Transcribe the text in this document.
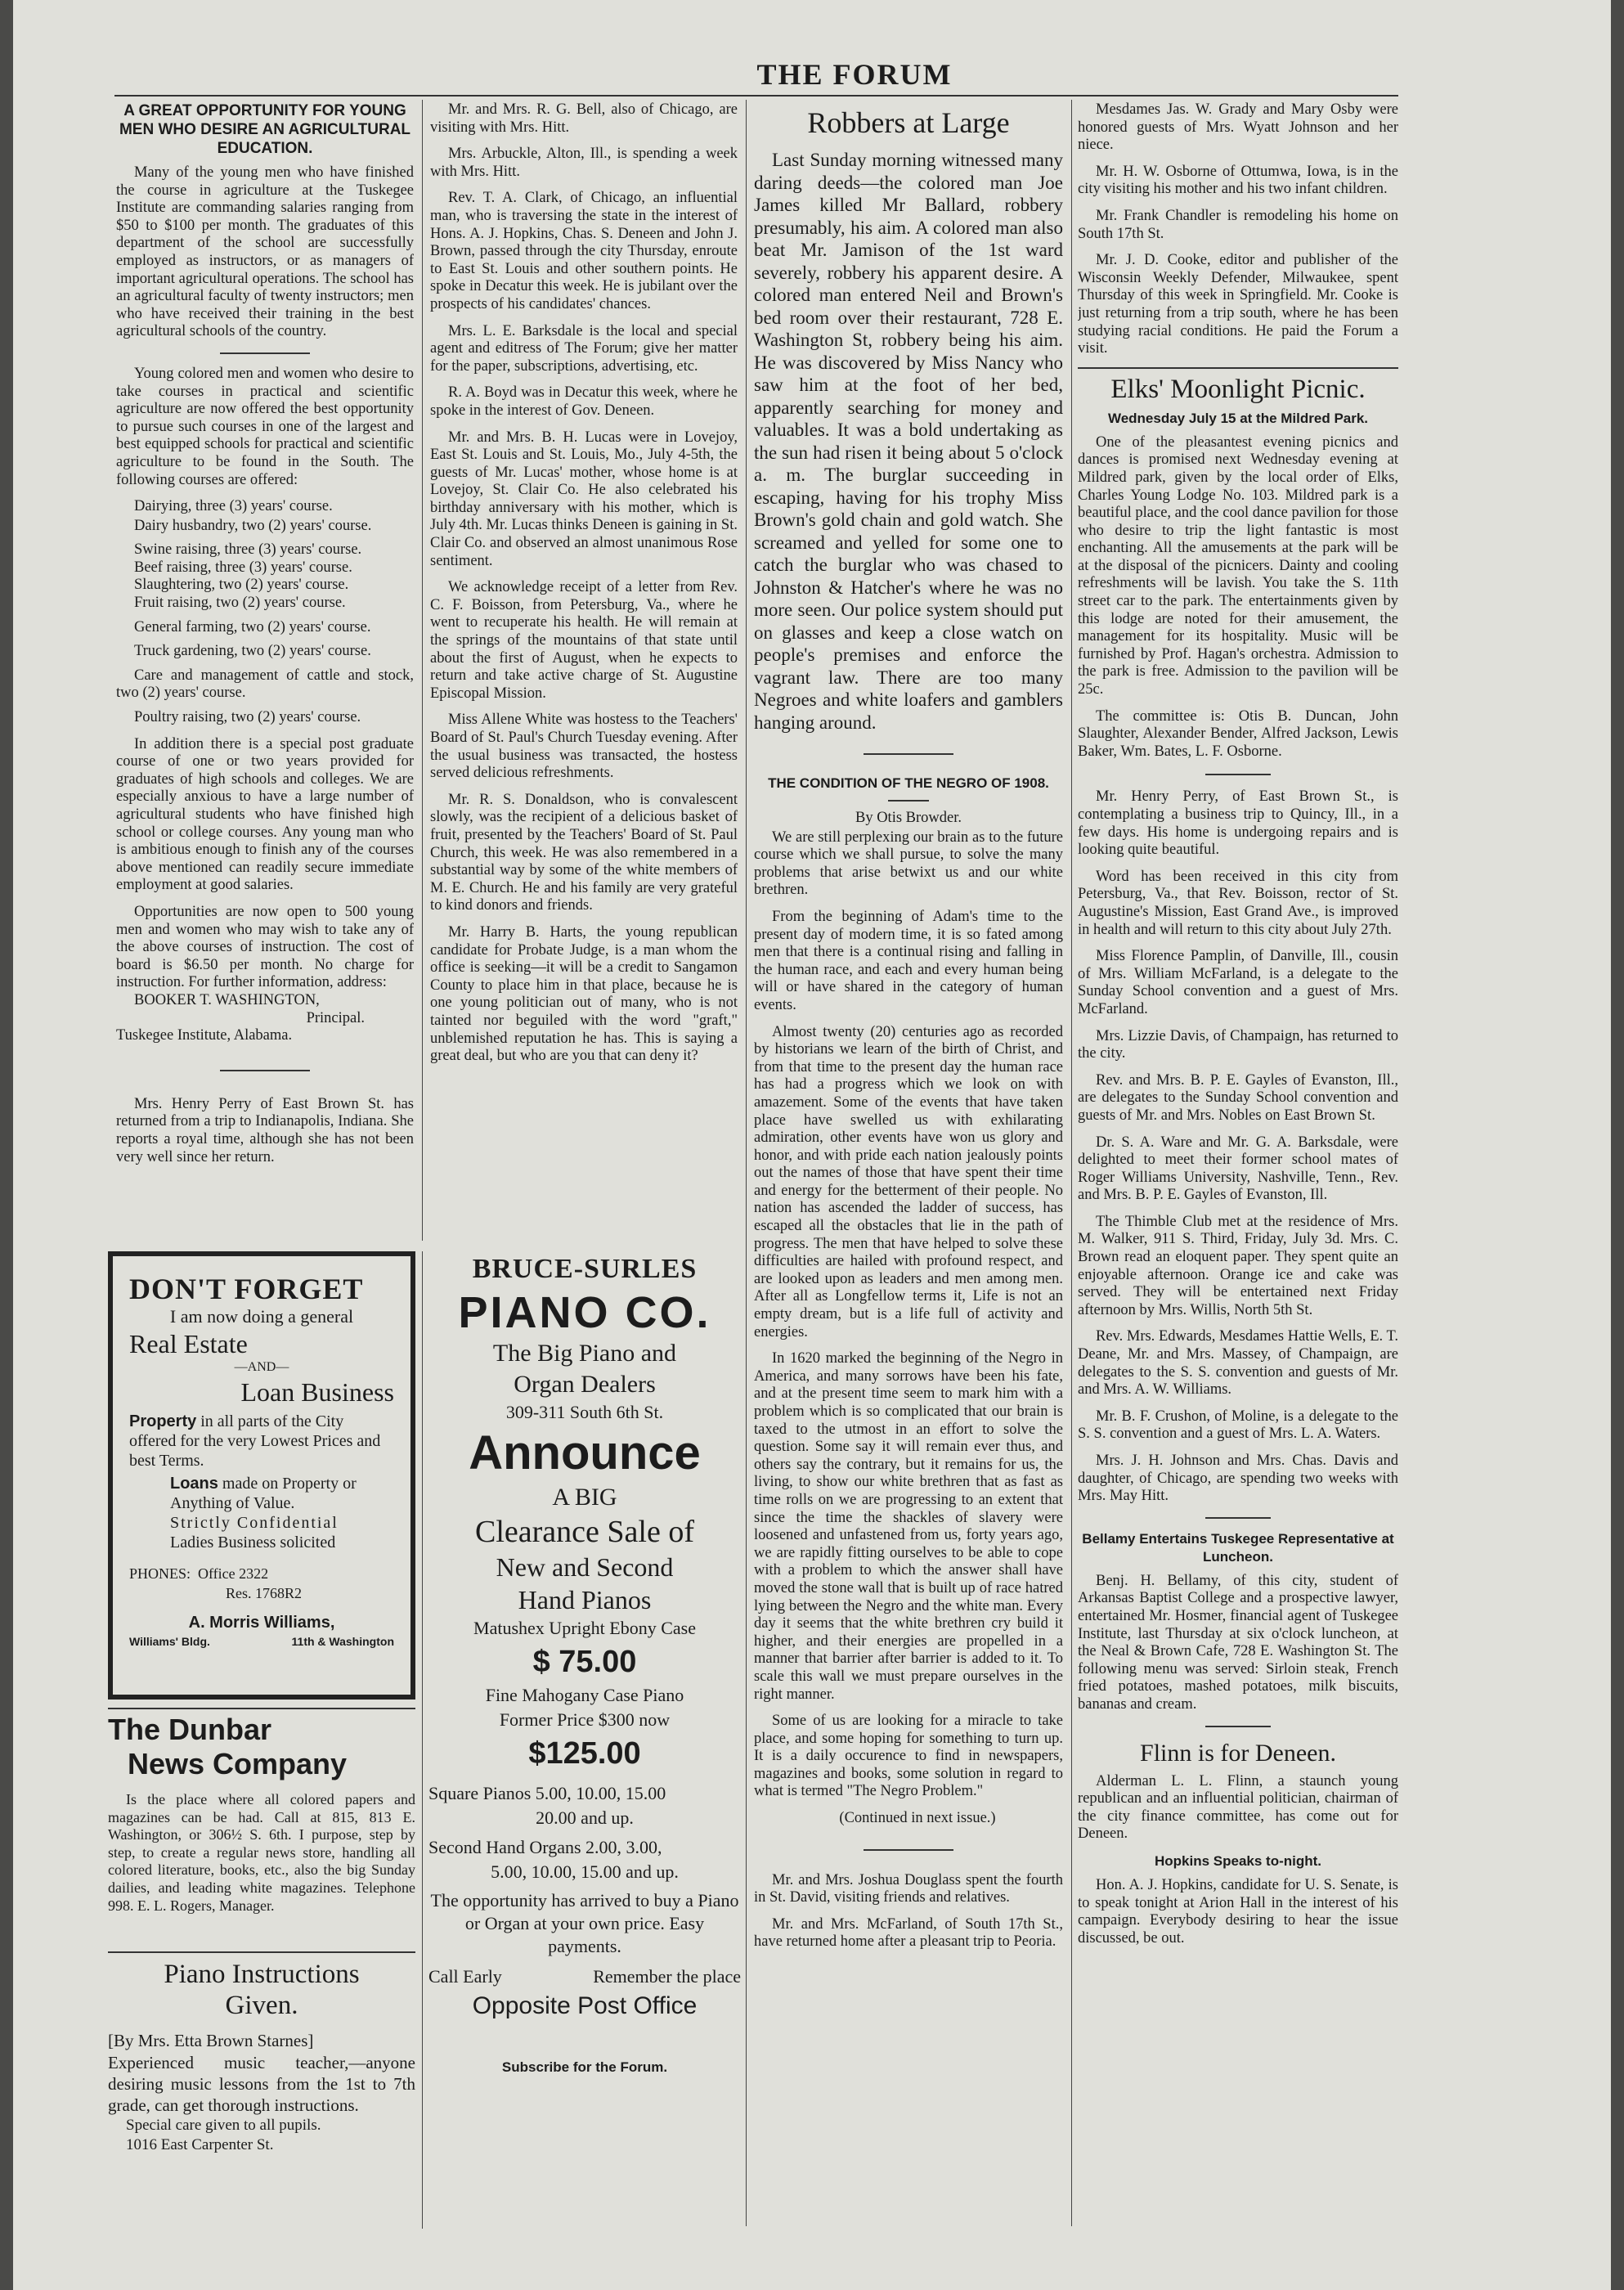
THE FORUM
A GREAT OPPORTUNITY FOR YOUNG MEN WHO DESIRE AN AGRICULTURAL EDUCATION.

Many of the young men who have finished the course in agriculture at the Tuskegee Institute are commanding salaries ranging from $50 to $100 per month. The graduates of this department of the school are successfully employed as instructors, or as managers of important agricultural operations. The school has an agricultural faculty of twenty instructors; men who have received their training in the best agricultural schools of the country.

Young colored men and women who desire to take courses in practical and scientific agriculture are now offered the best opportunity to pursue such courses in one of the largest and best equipped schools for practical and scientific agriculture to be found in the South. The following courses are offered:

Dairying, three (3) years' course.

Dairy husbandry, two (2) years' course.

Swine raising, three (3) years' course.

Beef raising, three (3) years' course.

Slaughtering, two (2) years' course.

Fruit raising, two (2) years' course.

General farming, two (2) years' course.

Truck gardening, two (2) years' course.

Care and management of cattle and stock, two (2) years' course.

Poultry raising, two (2) years' course.

In addition there is a special post graduate course of one or two years provided for graduates of high schools and colleges. We are especially anxious to have a large number of agricultural students who have finished high school or college courses. Any young man who is ambitious enough to finish any of the courses above mentioned can readily secure immediate employment at good salaries.

Opportunities are now open to 500 young men and women who may wish to take any of the above courses of instruction. The cost of board is $6.50 per month. No charge for instruction. For further information, address:

BOOKER T. WASHINGTON,

Principal.

Tuskegee Institute, Alabama.

Mrs. Henry Perry of East Brown St. has returned from a trip to Indianapolis, Indiana. She reports a royal time, although she has not been very well since her return.

Mr. and Mrs. R. G. Bell, also of Chicago, are visiting with Mrs. Hitt.

Mrs. Arbuckle, Alton, Ill., is spending a week with Mrs. Hitt.

Rev. T. A. Clark, of Chicago, an influential man, who is traversing the state in the interest of Hons. A. J. Hopkins, Chas. S. Deneen and John J. Brown, passed through the city Thursday, enroute to East St. Louis and other southern points. He spoke in Decatur this week. He is jubilant over the prospects of his candidates' chances.

Mrs. L. E. Barksdale is the local and special agent and editress of The Forum; give her matter for the paper, subscriptions, advertising, etc.

R. A. Boyd was in Decatur this week, where he spoke in the interest of Gov. Deneen.

Mr. and Mrs. B. H. Lucas were in Lovejoy, East St. Louis and St. Louis, Mo., July 4-5th, the guests of Mr. Lucas' mother, whose home is at Lovejoy, St. Clair Co. He also celebrated his birthday anniversary with his mother, which is July 4th. Mr. Lucas thinks Deneen is gaining in St. Clair Co. and observed an almost unanimous Rose sentiment.

We acknowledge receipt of a letter from Rev. C. F. Boisson, from Petersburg, Va., where he went to recuperate his health. He will remain at the springs of the mountains of that state until about the first of August, when he expects to return and take active charge of St. Augustine Episcopal Mission.

Miss Allene White was hostess to the Teachers' Board of St. Paul's Church Tuesday evening. After the usual business was transacted, the hostess served delicious refreshments.

Mr. R. S. Donaldson, who is convalescent slowly, was the recipient of a delicious basket of fruit, presented by the Teachers' Board of St. Paul Church, this week. He was also remembered in a substantial way by some of the white members of M. E. Church. He and his family are very grateful to kind donors and friends.

Mr. Harry B. Harts, the young republican candidate for Probate Judge, is a man whom the office is seeking—it will be a credit to Sangamon County to place him in that place, because he is one young politician out of many, who is not tainted nor beguiled with the word "graft," unblemished reputation he has. This is saying a great deal, but who are you that can deny it?

DON'T FORGET
I am now doing a general
Real Estate
—AND—
Loan Business
Property in all parts of the City offered for the very Lowest Prices and best Terms.
Loans made on Property or Anything of Value.
Strictly Confidential
Ladies Business solicited
PHONES: Office 2322
Res. 1768R2
A. Morris Williams,
Williams' Bldg.	11th & Washington
The Dunbar
News Company
Is the place where all colored papers and magazines can be had. Call at 815, 813 E. Washington, or 306½ S. 6th. I purpose, step by step, to create a regular news store, handling all colored literature, books, etc., also the big Sunday dailies, and leading white magazines. Telephone 998. E. L. Rogers, Manager.
Piano Instructions
Given.
[By Mrs. Etta Brown Starnes]
Experienced music teacher,—anyone desiring music lessons from the 1st to 7th grade, can get thorough instructions.
Special care given to all pupils.
1016 East Carpenter St.
BRUCE-SURLES
PIANO CO.
The Big Piano and
Organ Dealers
309-311 South 6th St.
Announce
A BIG
Clearance Sale of
New and Second
Hand Pianos
Matushex Upright Ebony Case
$ 75.00
Fine Mahogany Case Piano
Former Price $300 now
$125.00
Square Pianos 5.00, 10.00, 15.00
20.00 and up.
Second Hand Organs 2.00, 3.00,
5.00, 10.00, 15.00 and up.
The opportunity has arrived to buy a Piano or Organ at your own price. Easy payments.
Call Early	Remember the place
Opposite Post Office
Subscribe for the Forum.
Robbers at Large

Last Sunday morning witnessed many daring deeds—the colored man Joe James killed Mr Ballard, robbery presumably, his aim. A colored man also beat Mr. Jamison of the 1st ward severely, robbery his apparent desire. A colored man entered Neil and Brown's bed room over their restaurant, 728 E. Washington St, robbery being his aim. He was discovered by Miss Nancy who saw him at the foot of her bed, apparently searching for money and valuables. It was a bold undertaking as the sun had risen it being about 5 o'clock a. m. The burglar succeeding in escaping, having for his trophy Miss Brown's gold chain and gold watch. She screamed and yelled for some one to catch the burglar who was chased to Johnston & Hatcher's where he was no more seen. Our police system should put on glasses and keep a close watch on people's premises and enforce the vagrant law. There are too many Negroes and white loafers and gamblers hanging around.

THE CONDITION OF THE NEGRO OF 1908.

By Otis Browder.

We are still perplexing our brain as to the future course which we shall pursue, to solve the many problems that arise betwixt us and our white brethren.

From the beginning of Adam's time to the present day of modern time, it is so fated among men that there is a continual rising and falling in the human race, and each and every human being will or have shared in the category of human events.

Almost twenty (20) centuries ago as recorded by historians we learn of the birth of Christ, and from that time to the present day the human race has had a progress which we look on with amazement. Some of the events that have taken place have swelled us with exhilarating admiration, other events have won us glory and honor, and with pride each nation jealously points out the names of those that have spent their time and energy for the betterment of their people. No nation has ascended the ladder of success, has escaped all the obstacles that lie in the path of progress. The men that have helped to solve these difficulties are hailed with profound respect, and are looked upon as leaders and men among men. After all as Longfellow terms it, Life is not an empty dream, but is a life full of activity and energies.

In 1620 marked the beginning of the Negro in America, and many sorrows have been his fate, and at the present time seem to mark him with a problem which is so complicated that our brain is taxed to the utmost in an effort to solve the question. Some say it will remain ever thus, and others say the contrary, but it remains for us, the living, to show our white brethren that as fast as time rolls on we are progressing to an extent that since the time the shackles of slavery were loosened and unfastened from us, forty years ago, we are rapidly fitting ourselves to be able to cope with a problem to which the answer shall have moved the stone wall that is built up of race hatred lying between the Negro and the white man. Every day it seems that the white brethren cry build it higher, and their energies are propelled in a manner that barrier after barrier is added to it. To scale this wall we must prepare ourselves in the right manner.

Some of us are looking for a miracle to take place, and some hoping for something to turn up. It is a daily occurence to find in newspapers, magazines and books, some solution in regard to what is termed "The Negro Problem."

(Continued in next issue.)

Mr. and Mrs. Joshua Douglass spent the fourth in St. David, visiting friends and relatives.

Mr. and Mrs. McFarland, of South 17th St., have returned home after a pleasant trip to Peoria.

Mesdames Jas. W. Grady and Mary Osby were honored guests of Mrs. Wyatt Johnson and her niece.

Mr. H. W. Osborne of Ottumwa, Iowa, is in the city visiting his mother and his two infant children.

Mr. Frank Chandler is remodeling his home on South 17th St.

Mr. J. D. Cooke, editor and publisher of the Wisconsin Weekly Defender, Milwaukee, spent Thursday of this week in Springfield. Mr. Cooke is just returning from a trip south, where he has been studying racial conditions. He paid the Forum a visit.

Elks' Moonlight Picnic.
Wednesday July 15 at the Mildred Park.

One of the pleasantest evening picnics and dances is promised next Wednesday evening at Mildred park, given by the local order of Elks, Charles Young Lodge No. 103. Mildred park is a beautiful place, and the cool dance pavilion for those who desire to trip the light fantastic is most enchanting. All the amusements at the park will be at the disposal of the picnicers. Dainty and cooling refreshments will be lavish. You take the S. 11th street car to the park. The entertainments given by this lodge are noted for their amusement, the management for its hospitality. Music will be furnished by Prof. Hagan's orchestra. Admission to the park is free. Admission to the pavilion will be 25c.

The committee is: Otis B. Duncan, John Slaughter, Alexander Bender, Alfred Jackson, Lewis Baker, Wm. Bates, L. F. Osborne.

Mr. Henry Perry, of East Brown St., is contemplating a business trip to Quincy, Ill., in a few days. His home is undergoing repairs and is looking quite beautiful.

Word has been received in this city from Petersburg, Va., that Rev. Boisson, rector of St. Augustine's Mission, East Grand Ave., is improved in health and will return to this city about July 27th.

Miss Florence Pamplin, of Danville, Ill., cousin of Mrs. William McFarland, is a delegate to the Sunday School convention and a guest of Mrs. McFarland.

Mrs. Lizzie Davis, of Champaign, has returned to the city.

Rev. and Mrs. B. P. E. Gayles of Evanston, Ill., are delegates to the Sunday School convention and guests of Mr. and Mrs. Nobles on East Brown St.

Dr. S. A. Ware and Mr. G. A. Barksdale, were delighted to meet their former school mates of Roger Williams University, Nashville, Tenn., Rev. and Mrs. B. P. E. Gayles of Evanston, Ill.

The Thimble Club met at the residence of Mrs. M. Walker, 911 S. Third, Friday, July 3d. Mrs. C. Brown read an eloquent paper. They spent quite an enjoyable afternoon. Orange ice and cake was served. They will be entertained next Friday afternoon by Mrs. Willis, North 5th St.

Rev. Mrs. Edwards, Mesdames Hattie Wells, E. T. Deane, Mr. and Mrs. Massey, of Champaign, are delegates to the S. S. convention and guests of Mr. and Mrs. A. W. Williams.

Mr. B. F. Crushon, of Moline, is a delegate to the S. S. convention and a guest of Mrs. L. A. Waters.

Mrs. J. H. Johnson and Mrs. Chas. Davis and daughter, of Chicago, are spending two weeks with Mrs. May Hitt.

Bellamy Entertains Tuskegee Representative at Luncheon.

Benj. H. Bellamy, of this city, student of Arkansas Baptist College and a prospective lawyer, entertained Mr. Hosmer, financial agent of Tuskegee Institute, last Thursday at six o'clock luncheon, at the Neal & Brown Cafe, 728 E. Washington St. The following menu was served: Sirloin steak, French fried potatoes, mashed potatoes, milk biscuits, bananas and cream.

Flinn is for Deneen.

Alderman L. L. Flinn, a staunch young republican and an influential politician, chairman of the city finance committee, has come out for Deneen.

Hopkins Speaks to-night.

Hon. A. J. Hopkins, candidate for U. S. Senate, is to speak tonight at Arion Hall in the interest of his campaign. Everybody desiring to hear the issue discussed, be out.
